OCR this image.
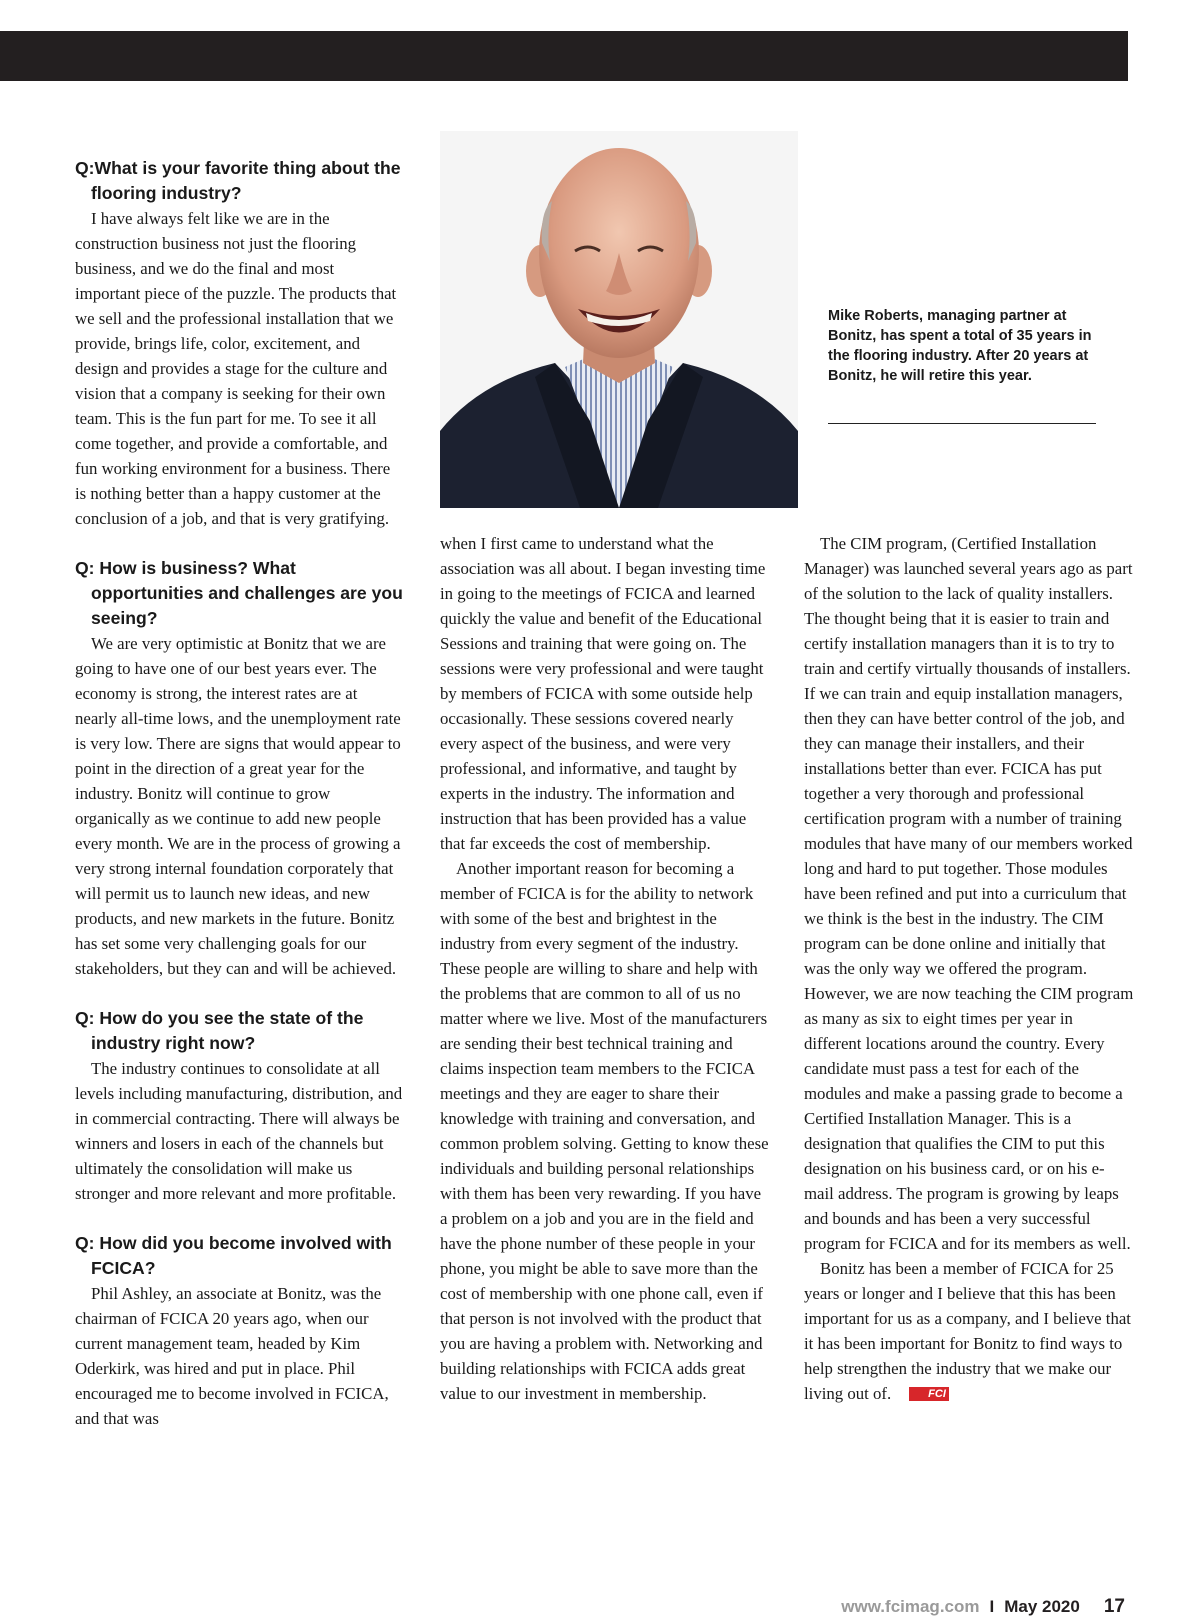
Q:What is your favorite thing about the flooring industry?

I have always felt like we are in the construction business not just the flooring business, and we do the final and most important piece of the puzzle. The products that we sell and the professional installation that we provide, brings life, color, excitement, and design and provides a stage for the culture and vision that a company is seeking for their own team. This is the fun part for me. To see it all come together, and provide a comfortable, and fun working environment for a business. There is nothing better than a happy customer at the conclusion of a job, and that is very gratifying.

Q: How is business? What opportunities and challenges are you seeing?

We are very optimistic at Bonitz that we are going to have one of our best years ever. The economy is strong, the interest rates are at nearly all-time lows, and the unemployment rate is very low. There are signs that would appear to point in the direction of a great year for the industry. Bonitz will continue to grow organically as we continue to add new people every month. We are in the process of growing a very strong internal foundation corporately that will permit us to launch new ideas, and new products, and new markets in the future. Bonitz has set some very challenging goals for our stakeholders, but they can and will be achieved.

Q: How do you see the state of the industry right now?

The industry continues to consolidate at all levels including manufacturing, distribution, and in commercial contracting. There will always be winners and losers in each of the channels but ultimately the consolidation will make us stronger and more relevant and more profitable.

Q: How did you become involved with FCICA?

Phil Ashley, an associate at Bonitz, was the chairman of FCICA 20 years ago, when our current management team, headed by Kim Oderkirk, was hired and put in place. Phil encouraged me to become involved in FCICA, and that was

Mike Roberts, managing partner at Bonitz, has spent a total of 35 years in the flooring industry. After 20 years at Bonitz, he will retire this year.

when I first came to understand what the association was all about. I began investing time in going to the meetings of FCICA and learned quickly the value and benefit of the Educational Sessions and training that were going on. The sessions were very professional and were taught by members of FCICA with some outside help occasionally. These sessions covered nearly every aspect of the business, and were very professional, and informative, and taught by experts in the industry. The information and instruction that has been provided has a value that far exceeds the cost of membership.

Another important reason for becoming a member of FCICA is for the ability to network with some of the best and brightest in the industry from every segment of the industry. These people are willing to share and help with the problems that are common to all of us no matter where we live. Most of the manufacturers are sending their best technical training and claims inspection team members to the FCICA meetings and they are eager to share their knowledge with training and conversation, and common problem solving. Getting to know these individuals and building personal relationships with them has been very rewarding. If you have a problem on a job and you are in the field and have the phone number of these people in your phone, you might be able to save more than the cost of membership with one phone call, even if that person is not involved with the product that you are having a problem with. Networking and building relationships with FCICA adds great value to our investment in membership.

The CIM program, (Certified Installation Manager) was launched several years ago as part of the solution to the lack of quality installers. The thought being that it is easier to train and certify installation managers than it is to try to train and certify virtually thousands of installers. If we can train and equip installation managers, then they can have better control of the job, and they can manage their installers, and their installations better than ever. FCICA has put together a very thorough and professional certification program with a number of training modules that have many of our members worked long and hard to put together. Those modules have been refined and put into a curriculum that we think is the best in the industry. The CIM program can be done online and initially that was the only way we offered the program. However, we are now teaching the CIM program as many as six to eight times per year in different locations around the country. Every candidate must pass a test for each of the modules and make a passing grade to become a Certified Installation Manager. This is a designation that qualifies the CIM to put this designation on his business card, or on his e-mail address. The program is growing by leaps and bounds and has been a very successful program for FCICA and for its members as well.

Bonitz has been a member of FCICA for 25 years or longer and I believe that this has been important for us as a company, and I believe that it has been important for Bonitz to find ways to help strengthen the industry that we make our living out of.	FCI

www.fcimag.com I May 2020 17
